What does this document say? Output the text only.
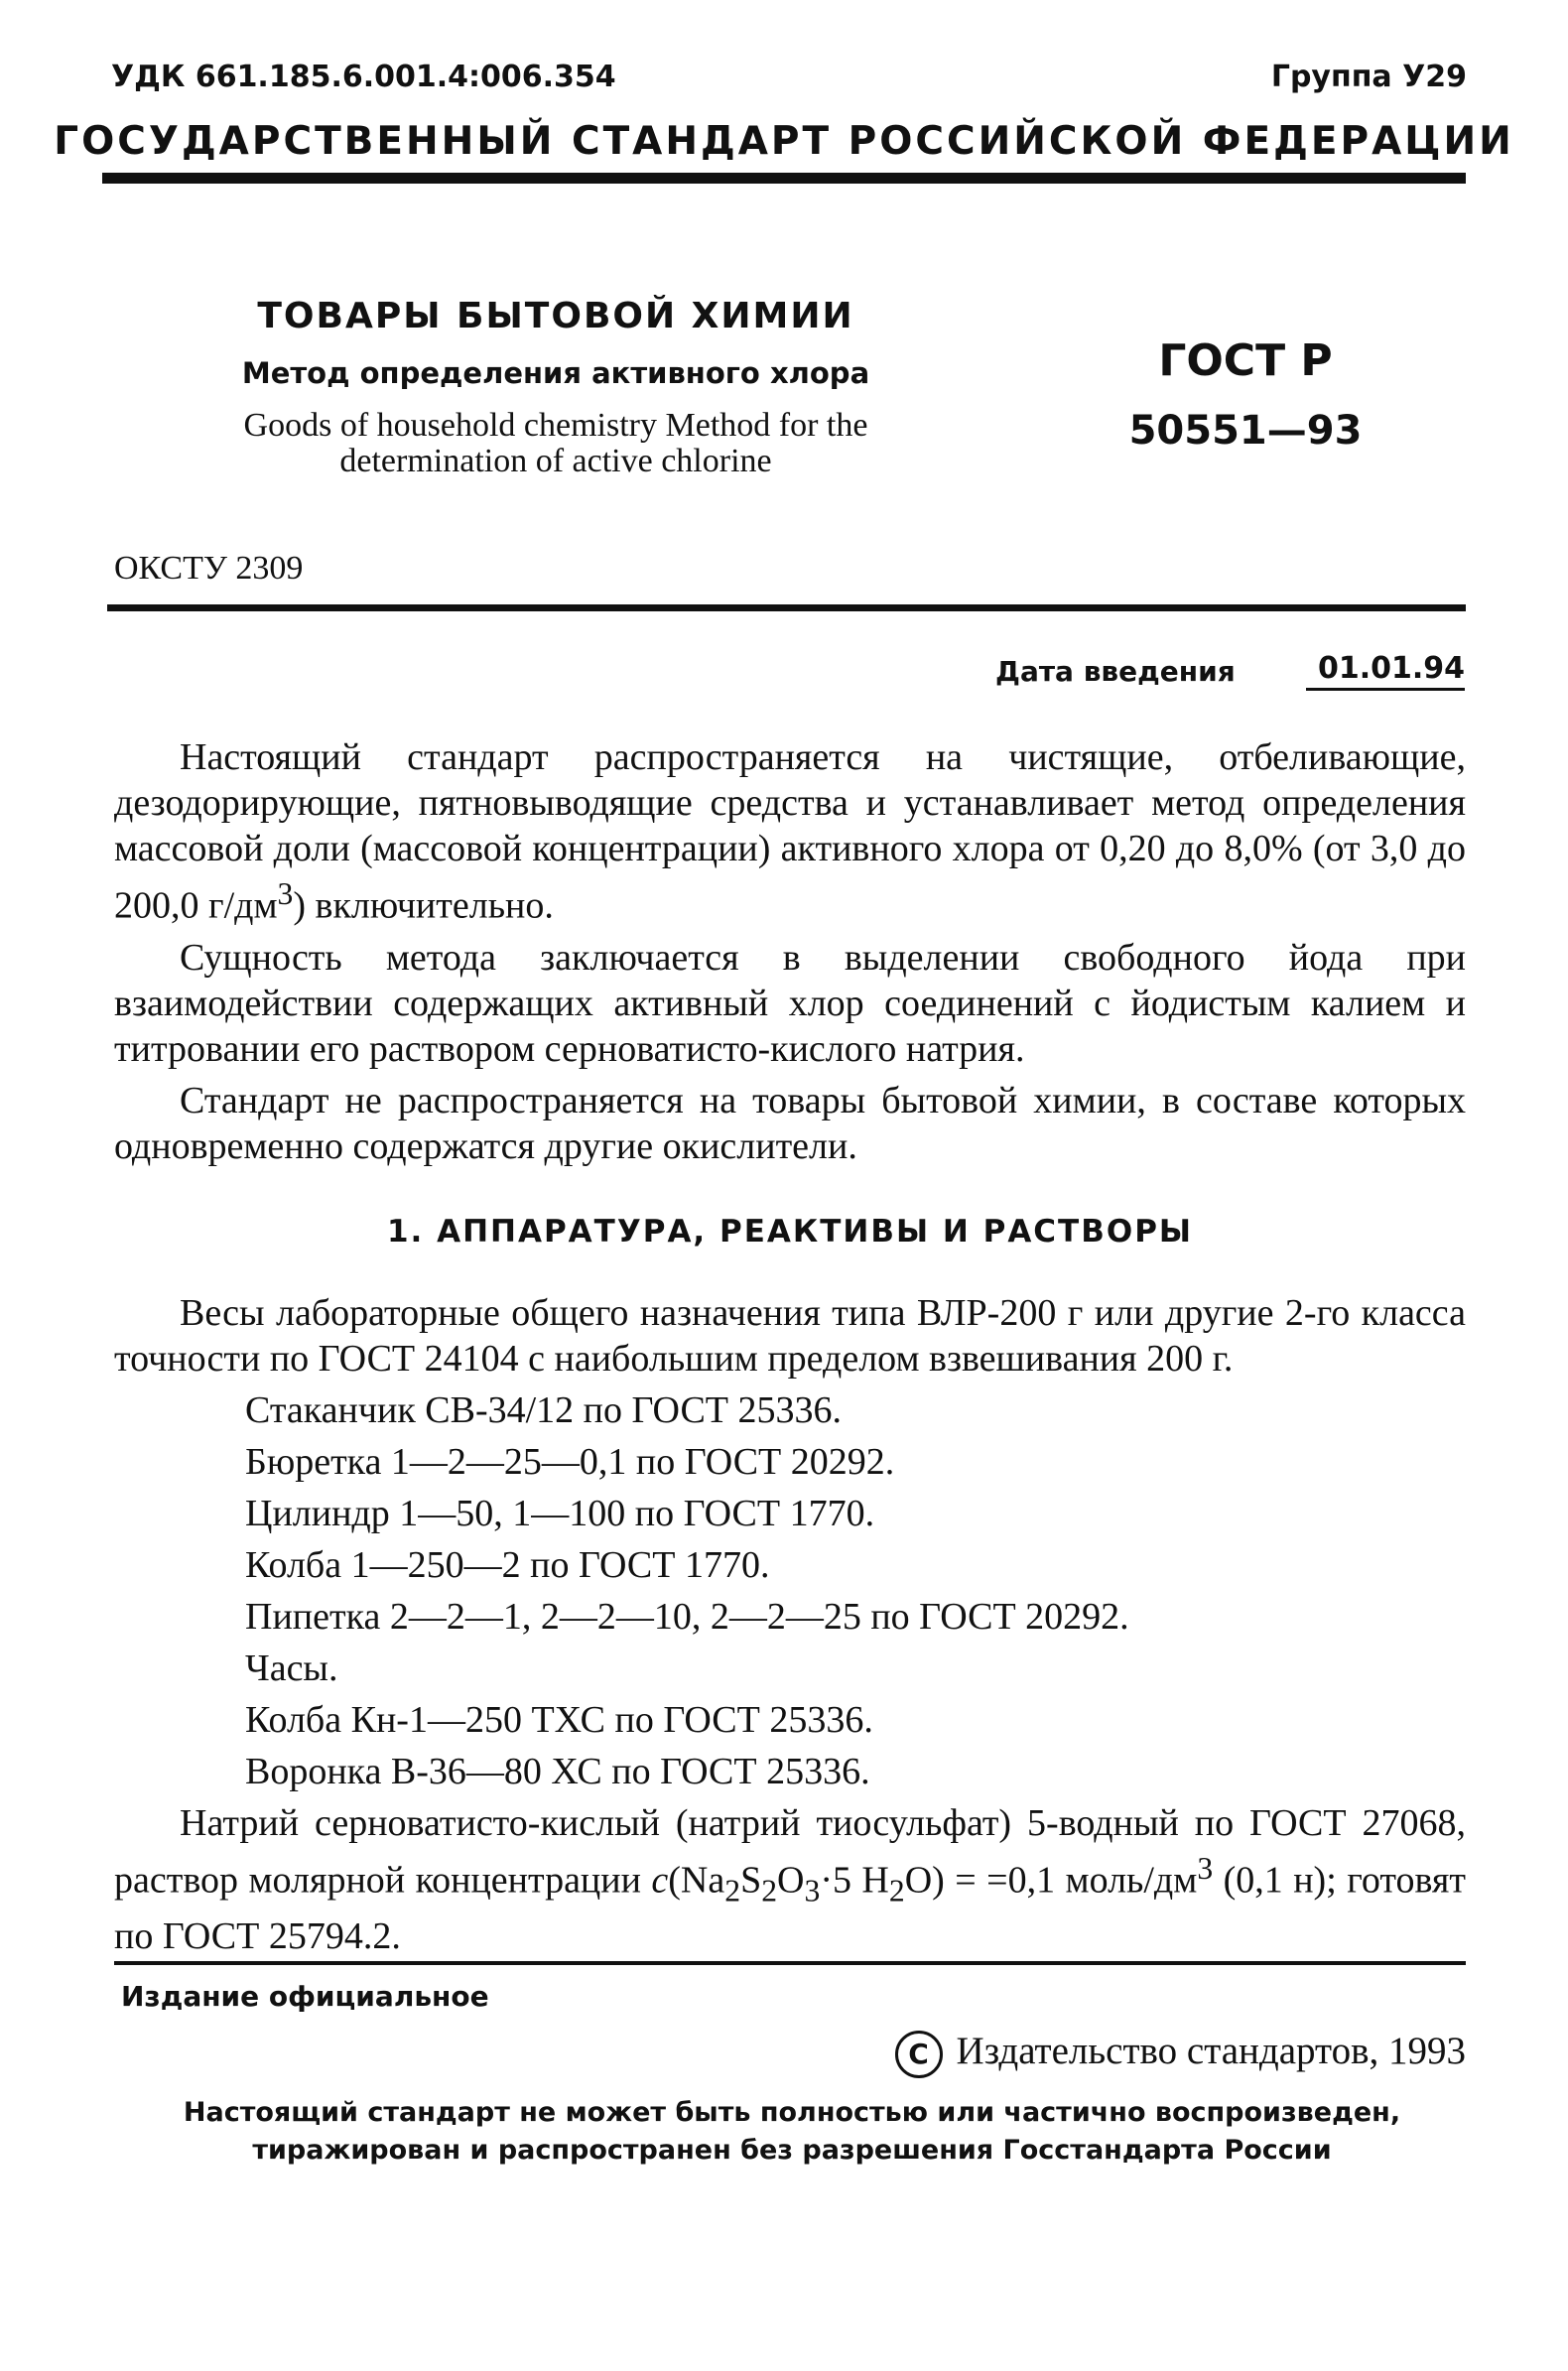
УДК 661.185.6.001.4:006.354	Группа У29
ГОСУДАРСТВЕННЫЙ СТАНДАРТ РОССИЙСКОЙ ФЕДЕРАЦИИ
ТОВАРЫ БЫТОВОЙ ХИМИИ
Метод определения активного хлора
Goods of household chemistry Method for the
determination of active chlorine
ГОСТ Р
50551—93
ОКСТУ 2309
Дата введения	01.01.94

Настоящий стандарт распространяется на чистящие, отбеливающие, дезодорирующие, пятновыводящие средства и устанавливает метод определения массовой доли (массовой концентрации) активного хлора от 0,20 до 8,0% (от 3,0 до 200,0 $г/дм^3$) включительно.

Сущность метода заключается в выделении свободного йода при взаимодействии содержащих активный хлор соединений с йодистым калием и титровании его раствором серноватисто-кислого натрия.

Стандарт не распространяется на товары бытовой химии, в составе которых одновременно содержатся другие окислители.

1. АППАРАТУРА, РЕАКТИВЫ И РАСТВОРЫ

Весы лабораторные общего назначения типа ВЛР-200 г или другие 2-го класса точности по ГОСТ 24104 с наибольшим пределом взвешивания 200 г.

Стаканчик СВ-34/12 по ГОСТ 25336.

Бюретка 1—2—25—0,1 по ГОСТ 20292.

Цилиндр 1—50, 1—100 по ГОСТ 1770.

Колба 1—250—2 по ГОСТ 1770.

Пипетка 2—2—1, 2—2—10, 2—2—25 по ГОСТ 20292.

Часы.

Колба Кн-1—250 ТХС по ГОСТ 25336.

Воронка В-36—80 ХС по ГОСТ 25336.

Натрий серноватисто-кислый (натрий тиосульфат) 5-водный по ГОСТ 27068, раствор молярной концентрации $c(Na_2S_2O_3\cdot 5$ $H_2O) = =0,1$ моль/$дм^3$ (0,1 н); готовят по ГОСТ 25794.2.

Издание официальное
C Издательство стандартов, 1993
Настоящий стандарт не может быть полностью или частично воспроизведен,
тиражирован и распространен без разрешения Госстандарта России
